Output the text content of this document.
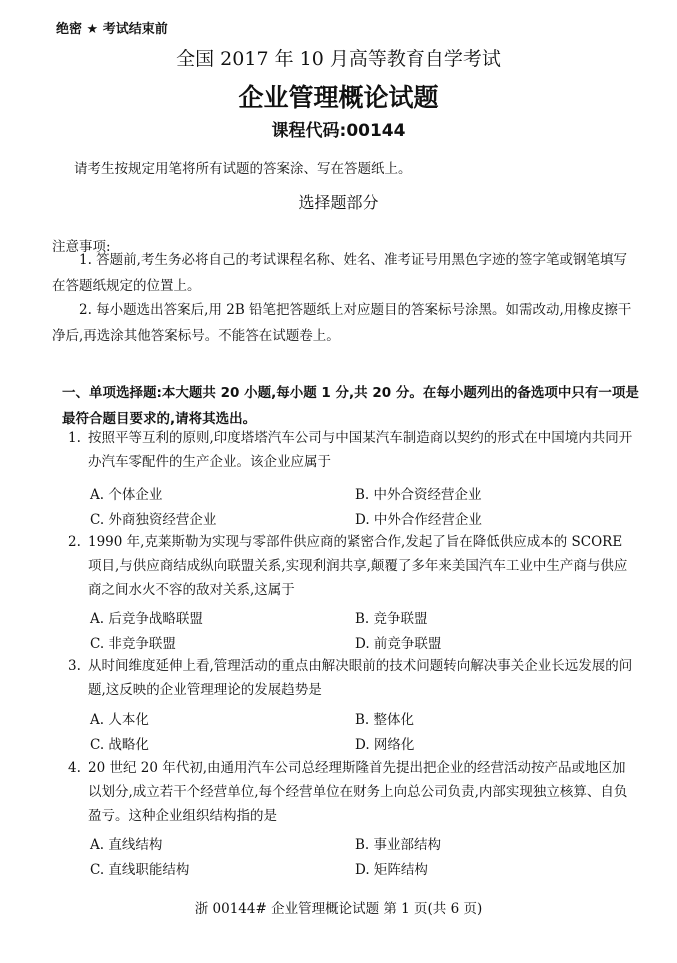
绝密 ★ 考试结束前
全国 2017 年 10 月高等教育自学考试
企业管理概论试题
课程代码:00144
请考生按规定用笔将所有试题的答案涂、写在答题纸上。
选择题部分
注意事项:
1. 答题前,考生务必将自己的考试课程名称、姓名、准考证号用黑色字迹的签字笔或钢笔填写在答题纸规定的位置上。
2. 每小题选出答案后,用 2B 铅笔把答题纸上对应题目的答案标号涂黑。如需改动,用橡皮擦干净后,再选涂其他答案标号。不能答在试题卷上。
一、单项选择题:本大题共 20 小题,每小题 1 分,共 20 分。在每小题列出的备选项中只有一项是最符合题目要求的,请将其选出。
1. 按照平等互利的原则,印度塔塔汽车公司与中国某汽车制造商以契约的形式在中国境内共同开办汽车零配件的生产企业。该企业应属于
A. 个体企业	B. 中外合资经营企业
C. 外商独资经营企业	D. 中外合作经营企业
2. 1990 年,克莱斯勒为实现与零部件供应商的紧密合作,发起了旨在降低供应成本的 SCORE 项目,与供应商结成纵向联盟关系,实现利润共享,颠覆了多年来美国汽车工业中生产商与供应商之间水火不容的敌对关系,这属于
A. 后竞争战略联盟	B. 竞争联盟
C. 非竞争联盟	D. 前竞争联盟
3. 从时间维度延伸上看,管理活动的重点由解决眼前的技术问题转向解决事关企业长远发展的问题,这反映的企业管理理论的发展趋势是
A. 人本化	B. 整体化
C. 战略化	D. 网络化
4. 20 世纪 20 年代初,由通用汽车公司总经理斯隆首先提出把企业的经营活动按产品或地区加以划分,成立若干个经营单位,每个经营单位在财务上向总公司负责,内部实现独立核算、自负盈亏。这种企业组织结构指的是
A. 直线结构	B. 事业部结构
C. 直线职能结构	D. 矩阵结构
浙 00144# 企业管理概论试题 第 1 页(共 6 页)
